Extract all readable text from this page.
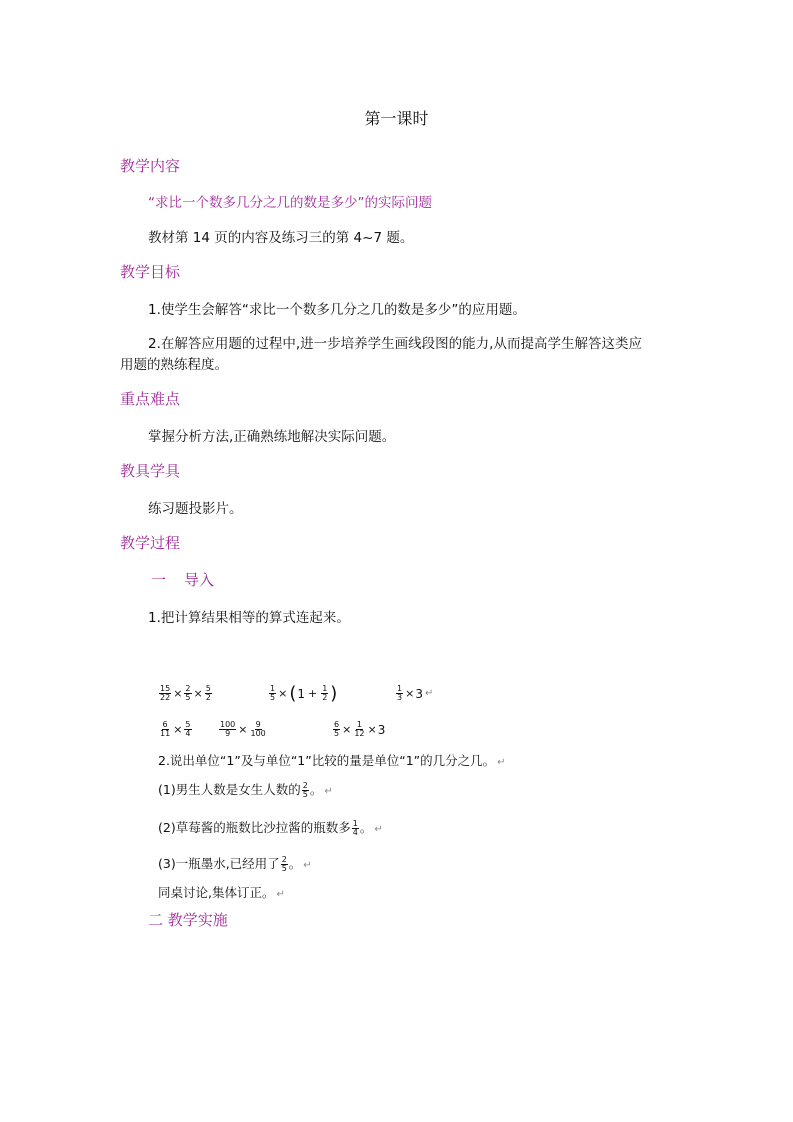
第一课时
教学内容
“求比一个数多几分之几的数是多少”的实际问题
教材第 14 页的内容及练习三的第 4~7 题。
教学目标
1.使学生会解答“求比一个数多几分之几的数是多少”的应用题。
2.在解答应用题的过程中,进一步培养学生画线段图的能力,从而提高学生解答这类应
用题的熟练程度。
重点难点
掌握分析方法,正确熟练地解决实际问题。
教具学具
练习题投影片。
教学过程
一 导入
1.把计算结果相等的算式连起来。
$\frac{15}{22} \times \frac{2}{5} \times \frac{5}{2}$	$\frac{1}{5}$ × ( $1 + \frac{1}{2}$ )	$\frac{1}{3} \times 3$ ↵
$\frac{6}{11} \times \frac{5}{4}$	$\frac{100}{9} \times \frac{9}{100}$	$\frac{6}{5} \times \frac{1}{12} \times 3$
2.说出单位“1”及与单位“1”比较的量是单位“1”的几分之几。 ↵
(1)男生人数是女生人数的 $\frac{2}{5}$ 。 ↵
(2)草莓酱的瓶数比沙拉酱的瓶数多 $\frac{1}{4}$ 。 ↵
(3)一瓶墨水,已经用了 $\frac{2}{5}$ 。 ↵
同桌讨论,集体订正。 ↵
二 教学实施
